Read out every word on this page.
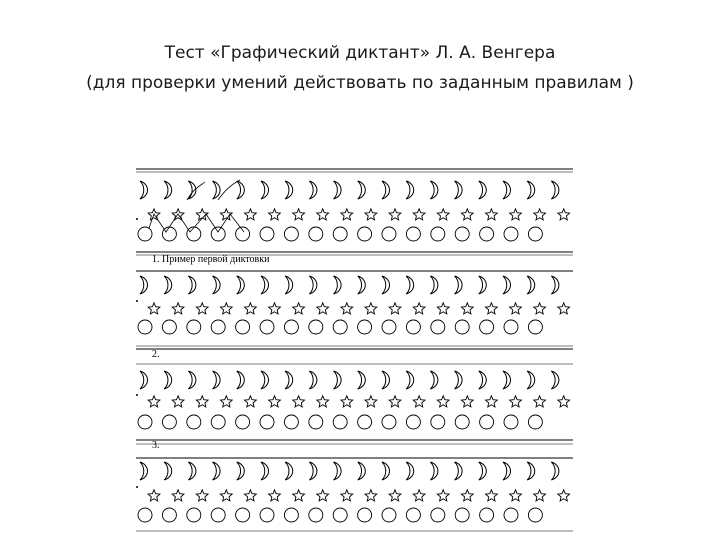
Тест «Графический диктант» Л. А. Венгера
(для проверки умений действовать по заданным правилам )
1. Пример первой диктовки
2.
3.
